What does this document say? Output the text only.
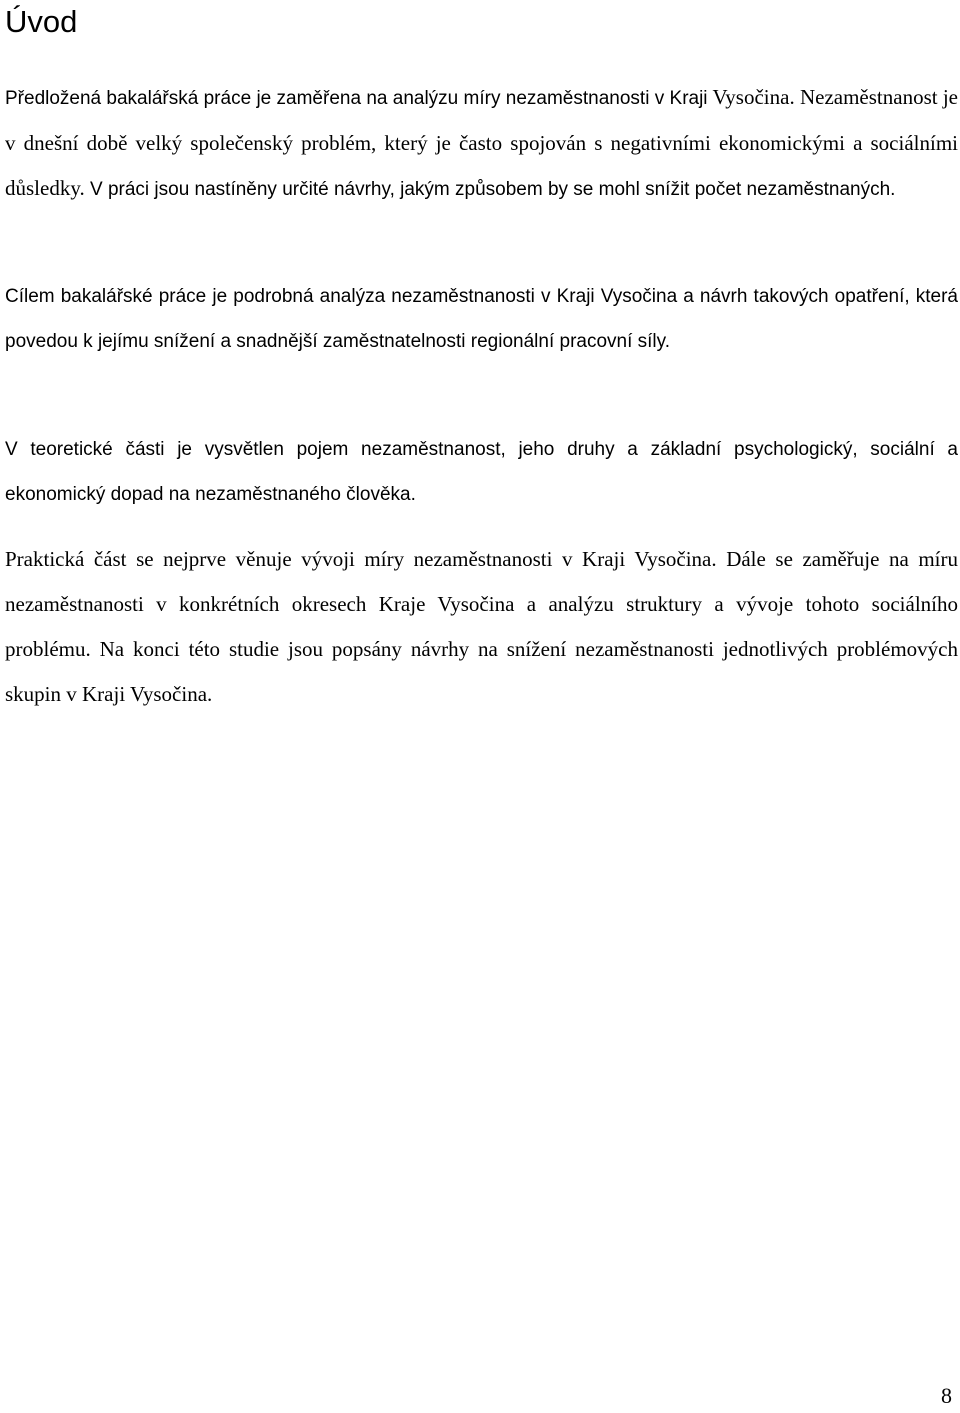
Úvod

Předložená bakalářská práce je zaměřena na analýzu míry nezaměstnanosti v Kraji Vysočina. Nezaměstnanost je v dnešní době velký společenský problém, který je často spojován s negativními ekonomickými a sociálními důsledky. V práci jsou nastíněny určité návrhy, jakým způsobem by se mohl snížit počet nezaměstnaných.

Cílem bakalářské práce je podrobná analýza nezaměstnanosti v Kraji Vysočina a návrh takových opatření, která povedou k jejímu snížení a snadnější zaměstnatelnosti regionální pracovní síly.

V teoretické části je vysvětlen pojem nezaměstnanost, jeho druhy a základní psychologický, sociální a ekonomický dopad na nezaměstnaného člověka.

Praktická část se nejprve věnuje vývoji míry nezaměstnanosti v Kraji Vysočina. Dále se zaměřuje na míru nezaměstnanosti v konkrétních okresech Kraje Vysočina a analýzu struktury a vývoje tohoto sociálního problému. Na konci této studie jsou popsány návrhy na snížení nezaměstnanosti jednotlivých problémových skupin v Kraji Vysočina.

8
